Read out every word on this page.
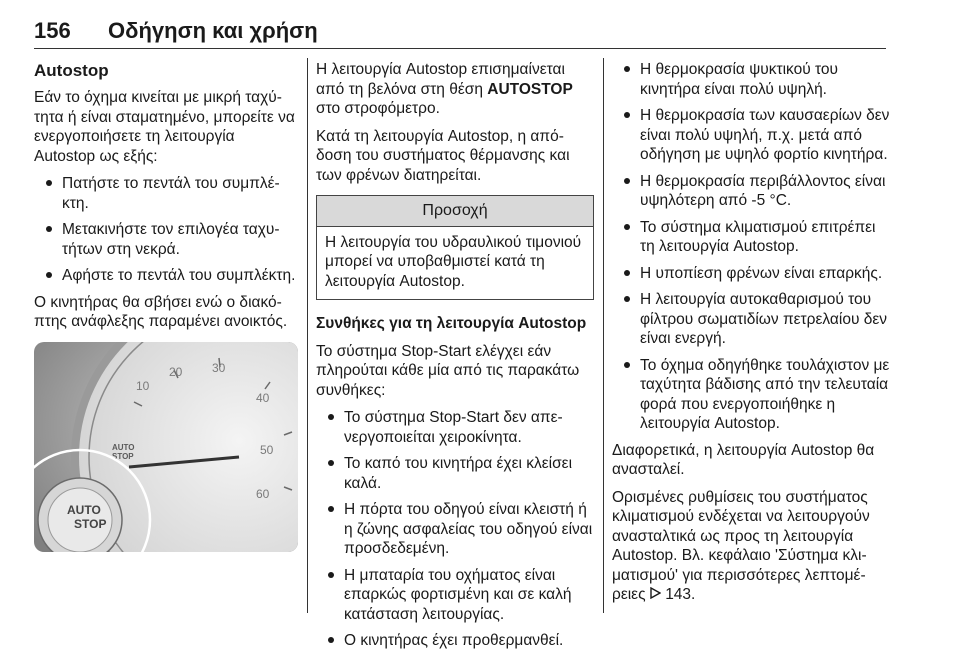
156 Οδήγηση και χρήση
Autostop

Εάν το όχημα κινείται με μικρή ταχύτητα ή είναι σταματημένο, μπορείτε να ενεργοποιήσετε τη λειτουργία Autostop ως εξής:

Πατήστε το πεντάλ του συμπλέκτη.
Μετακινήστε τον επιλογέα ταχυτήτων στη νεκρά.
Αφήστε το πεντάλ του συμπλέκτη.

Ο κινητήρας θα σβήσει ενώ ο διακόπτης ανάφλεξης παραμένει ανοικτός.

10
20 30
40
50
60
AUTO
STOP
AUTO
STOP

Η λειτουργία Autostop επισημαίνεται από τη βελόνα στη θέση AUTOSTOP στο στροφόμετρο.

Κατά τη λειτουργία Autostop, η απόδοση του συστήματος θέρμανσης και των φρένων διατηρείται.

Προσοχή
Η λειτουργία του υδραυλικού τιμονιού μπορεί να υποβαθμιστεί κατά τη λειτουργία Autostop.

Συνθήκες για τη λειτουργία Autostop

Το σύστημα Stop-Start ελέγχει εάν πληρούται κάθε μία από τις παρακάτω συνθήκες:

Το σύστημα Stop-Start δεν απενεργοποιείται χειροκίνητα.
Το καπό του κινητήρα έχει κλείσει καλά.
Η πόρτα του οδηγού είναι κλειστή ή η ζώνης ασφαλείας του οδηγού είναι προσδεδεμένη.
Η μπαταρία του οχήματος είναι επαρκώς φορτισμένη και σε καλή κατάσταση λειτουργίας.
Ο κινητήρας έχει προθερμανθεί.
Η θερμοκρασία ψυκτικού του κινητήρα είναι πολύ υψηλή.
Η θερμοκρασία των καυσαερίων δεν είναι πολύ υψηλή, π.χ. μετά από οδήγηση με υψηλό φορτίο κινητήρα.
Η θερμοκρασία περιβάλλοντος είναι υψηλότερη από -5 °C.
Το σύστημα κλιματισμού επιτρέπει τη λειτουργία Autostop.
Η υποπίεση φρένων είναι επαρκής.
Η λειτουργία αυτοκαθαρισμού του φίλτρου σωματιδίων πετρελαίου δεν είναι ενεργή.
Το όχημα οδηγήθηκε τουλάχιστον με ταχύτητα βάδισης από την τελευταία φορά που ενεργοποιήθηκε η λειτουργία Autostop.

Διαφορετικά, η λειτουργία Autostop θα ανασταλεί.

Ορισμένες ρυθμίσεις του συστήματος κλιματισμού ενδέχεται να λειτουργούν ανασταλτικά ως προς τη λειτουργία Autostop. Βλ. κεφάλαιο 'Σύστημα κλιματισμού' για περισσότερες λεπτομέρειες 143.
